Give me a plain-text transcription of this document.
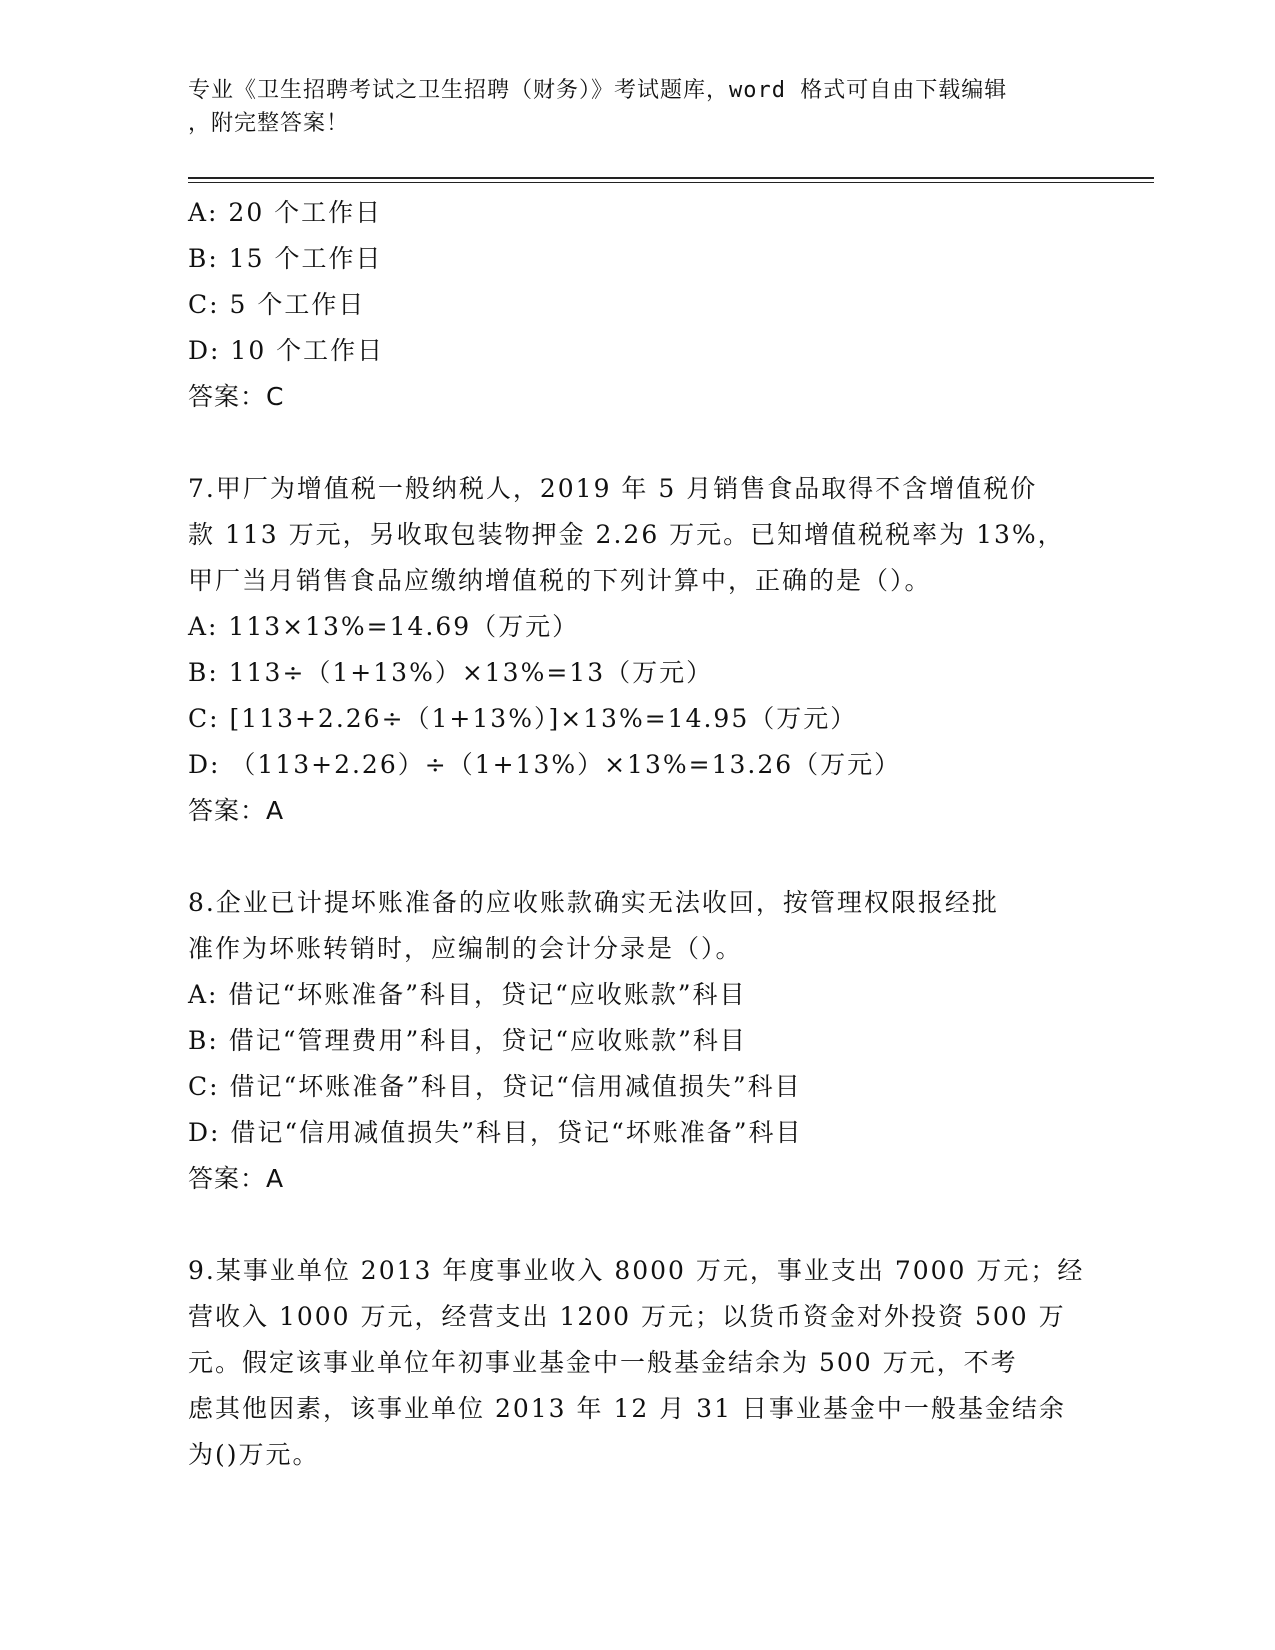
专业《卫生招聘考试之卫生招聘（财务）》考试题库，word 格式可自由下载编辑
，附完整答案！
A: 20 个工作日
B: 15 个工作日
C: 5 个工作日
D: 10 个工作日
答案：C
7.甲厂为增值税一般纳税人，2019 年 5 月销售食品取得不含增值税价
款 113 万元，另收取包装物押金 2.26 万元。已知增值税税率为 13%，
甲厂当月销售食品应缴纳增值税的下列计算中，正确的是（）。
A: 113×13%=14.69（万元）
B: 113÷（1+13%）×13%=13（万元）
C: [113+2.26÷（1+13%）]×13%=14.95（万元）
D: （113+2.26）÷（1+13%）×13%=13.26（万元）
答案：A
8.企业已计提坏账准备的应收账款确实无法收回，按管理权限报经批
准作为坏账转销时，应编制的会计分录是（）。
A: 借记“坏账准备”科目，贷记“应收账款”科目
B: 借记“管理费用”科目，贷记“应收账款”科目
C: 借记“坏账准备”科目，贷记“信用减值损失”科目
D: 借记“信用减值损失”科目，贷记“坏账准备”科目
答案：A
9.某事业单位 2013 年度事业收入 8000 万元，事业支出 7000 万元；经
营收入 1000 万元，经营支出 1200 万元；以货币资金对外投资 500 万
元。假定该事业单位年初事业基金中一般基金结余为 500 万元，不考
虑其他因素，该事业单位 2013 年 12 月 31 日事业基金中一般基金结余
为()万元。
